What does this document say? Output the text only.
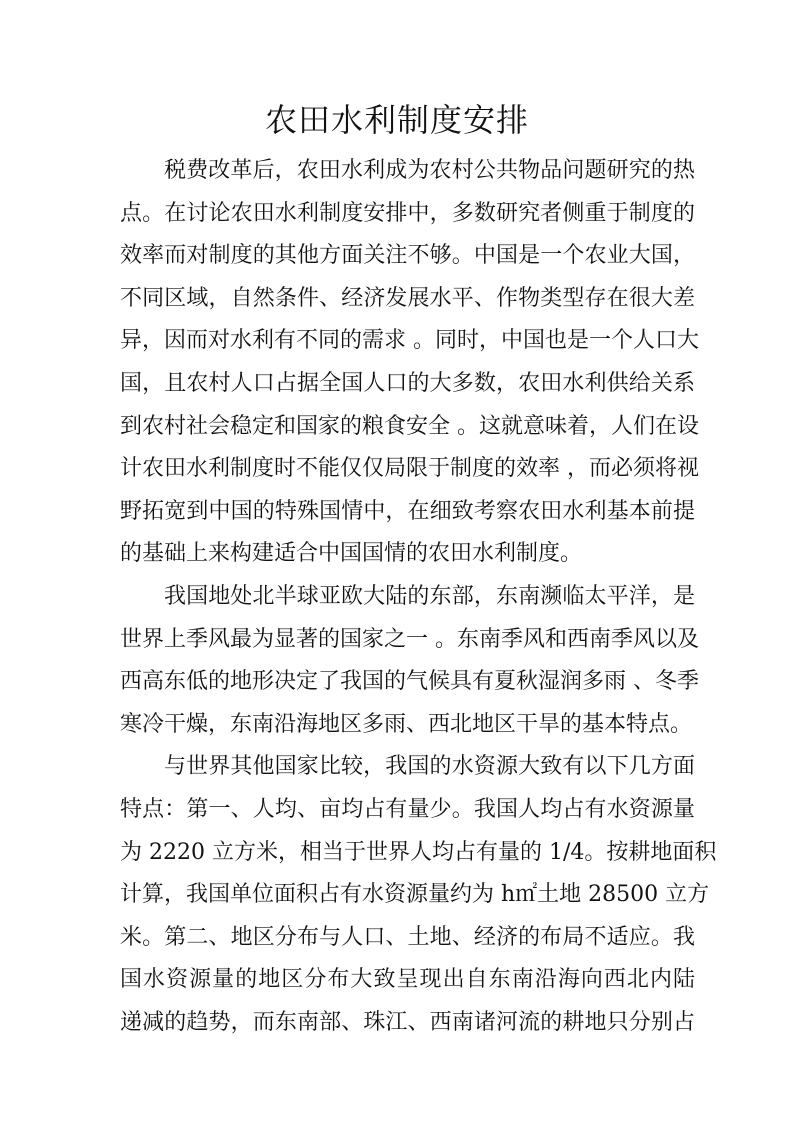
农田水利制度安排
税费改革后，农田水利成为农村公共物品问题研究的热
点。在讨论农田水利制度安排中，多数研究者侧重于制度的
效率而对制度的其他方面关注不够。中国是一个农业大国，
不同区域，自然条件、经济发展水平、作物类型存在很大差
异，因而对水利有不同的需求 。同时，中国也是一个人口大
国，且农村人口占据全国人口的大多数，农田水利供给关系
到农村社会稳定和国家的粮食安全 。这就意味着，人们在设
计农田水利制度时不能仅仅局限于制度的效率 ，而必须将视
野拓宽到中国的特殊国情中，在细致考察农田水利基本前提
的基础上来构建适合中国国情的农田水利制度。
我国地处北半球亚欧大陆的东部，东南濒临太平洋，是
世界上季风最为显著的国家之一 。东南季风和西南季风以及
西高东低的地形决定了我国的气候具有夏秋湿润多雨 、冬季
寒冷干燥，东南沿海地区多雨、西北地区干旱的基本特点。
与世界其他国家比较，我国的水资源大致有以下几方面
特点：第一、人均、亩均占有量少。我国人均占有水资源量
为 2220 立方米，相当于世界人均占有量的 1/4。按耕地面积
计算，我国单位面积占有水资源量约为 h㎡土地 28500 立方
米。第二、地区分布与人口、土地、经济的布局不适应。我
国水资源量的地区分布大致呈现出自东南沿海向西北内陆
递减的趋势，而东南部、珠江、西南诸河流的耕地只分别占
